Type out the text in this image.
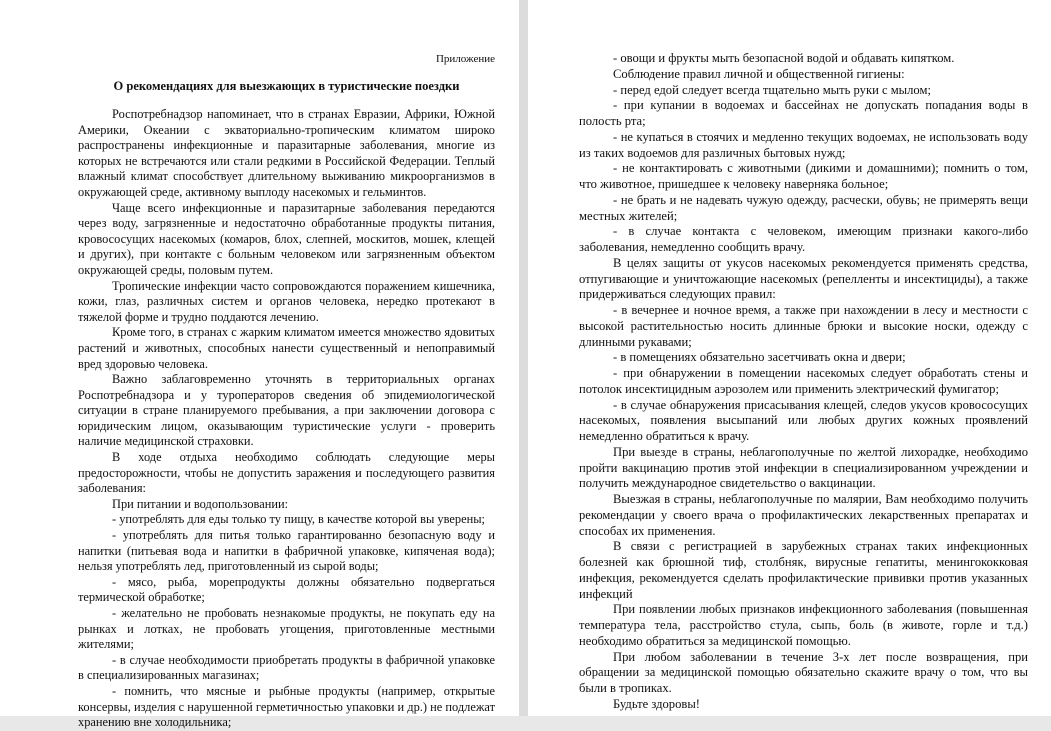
Приложение
О рекомендациях для выезжающих в туристические поездки

Роспотребнадзор напоминает, что в странах Евразии, Африки, Южной Америки, Океании с экваториально-тропическим климатом широко распространены инфекционные и паразитарные заболевания, многие из которых не встречаются или стали редкими в Российской Федерации. Теплый влажный климат способствует длительному выживанию микроорганизмов в окружающей среде, активному выплоду насекомых и гельминтов.

Чаще всего инфекционные и паразитарные заболевания передаются через воду, загрязненные и недостаточно обработанные продукты питания, кровососущих насекомых (комаров, блох, слепней, москитов, мошек, клещей и других), при контакте с больным человеком или загрязненным объектом окружающей среды, половым путем.

Тропические инфекции часто сопровождаются поражением кишечника, кожи, глаз, различных систем и органов человека, нередко протекают в тяжелой форме и трудно поддаются лечению.

Кроме того, в странах с жарким климатом имеется множество ядовитых растений и животных, способных нанести существенный и непоправимый вред здоровью человека.

Важно заблаговременно уточнять в территориальных органах Роспотребнадзора и у туроператоров сведения об эпидемиологической ситуации в стране планируемого пребывания, а при заключении договора с юридическим лицом, оказывающим туристические услуги - проверить наличие медицинской страховки.

В ходе отдыха необходимо соблюдать следующие меры предосторожности, чтобы не допустить заражения и последующего развития заболевания:

При питании и водопользовании:

- употреблять для еды только ту пищу, в качестве которой вы уверены;

- употреблять для питья только гарантированно безопасную воду и напитки (питьевая вода и напитки в фабричной упаковке, кипяченая вода); нельзя употреблять лед, приготовленный из сырой воды;

- мясо, рыба, морепродукты должны обязательно подвергаться термической обработке;

- желательно не пробовать незнакомые продукты, не покупать еду на рынках и лотках, не пробовать угощения, приготовленные местными жителями;

- в случае необходимости приобретать продукты в фабричной упаковке в специализированных магазинах;

- помнить, что мясные и рыбные продукты (например, открытые консервы, изделия с нарушенной герметичностью упаковки и др.) не подлежат хранению вне холодильника;

- овощи и фрукты мыть безопасной водой и обдавать кипятком.

Соблюдение правил личной и общественной гигиены:

- перед едой следует всегда тщательно мыть руки с мылом;

- при купании в водоемах и бассейнах не допускать попадания воды в полость рта;

- не купаться в стоячих и медленно текущих водоемах, не использовать воду из таких водоемов для различных бытовых нужд;

- не контактировать с животными (дикими и домашними); помнить о том, что животное, пришедшее к человеку наверняка больное;

- не брать и не надевать чужую одежду, расчески, обувь; не примерять вещи местных жителей;

- в случае контакта с человеком, имеющим признаки какого-либо заболевания, немедленно сообщить врачу.

В целях защиты от укусов насекомых рекомендуется применять средства, отпугивающие и уничтожающие насекомых (репелленты и инсектициды), а также придерживаться следующих правил:

- в вечернее и ночное время, а также при нахождении в лесу и местности с высокой растительностью носить длинные брюки и высокие носки, одежду с длинными рукавами;

- в помещениях обязательно засетчивать окна и двери;

- при обнаружении в помещении насекомых следует обработать стены и потолок инсектицидным аэрозолем или применить электрический фумигатор;

- в случае обнаружения присасывания клещей, следов укусов кровососущих насекомых, появления высыпаний или любых других кожных проявлений немедленно обратиться к врачу.

При выезде в страны, неблагополучные по желтой лихорадке, необходимо пройти вакцинацию против этой инфекции в специализированном учреждении и получить международное свидетельство о вакцинации.

Выезжая в страны, неблагополучные по малярии, Вам необходимо получить рекомендации у своего врача о профилактических лекарственных препаратах и способах их применения.

В связи с регистрацией в зарубежных странах таких инфекционных болезней как брюшной тиф, столбняк, вирусные гепатиты, менингококковая инфекция, рекомендуется сделать профилактические прививки против указанных инфекций

При появлении любых признаков инфекционного заболевания (повышенная температура тела, расстройство стула, сыпь, боль (в животе, горле и т.д.) необходимо обратиться за медицинской помощью.

При любом заболевании в течение 3-х лет после возвращения, при обращении за медицинской помощью обязательно скажите врачу о том, что вы были в тропиках.

Будьте здоровы!
